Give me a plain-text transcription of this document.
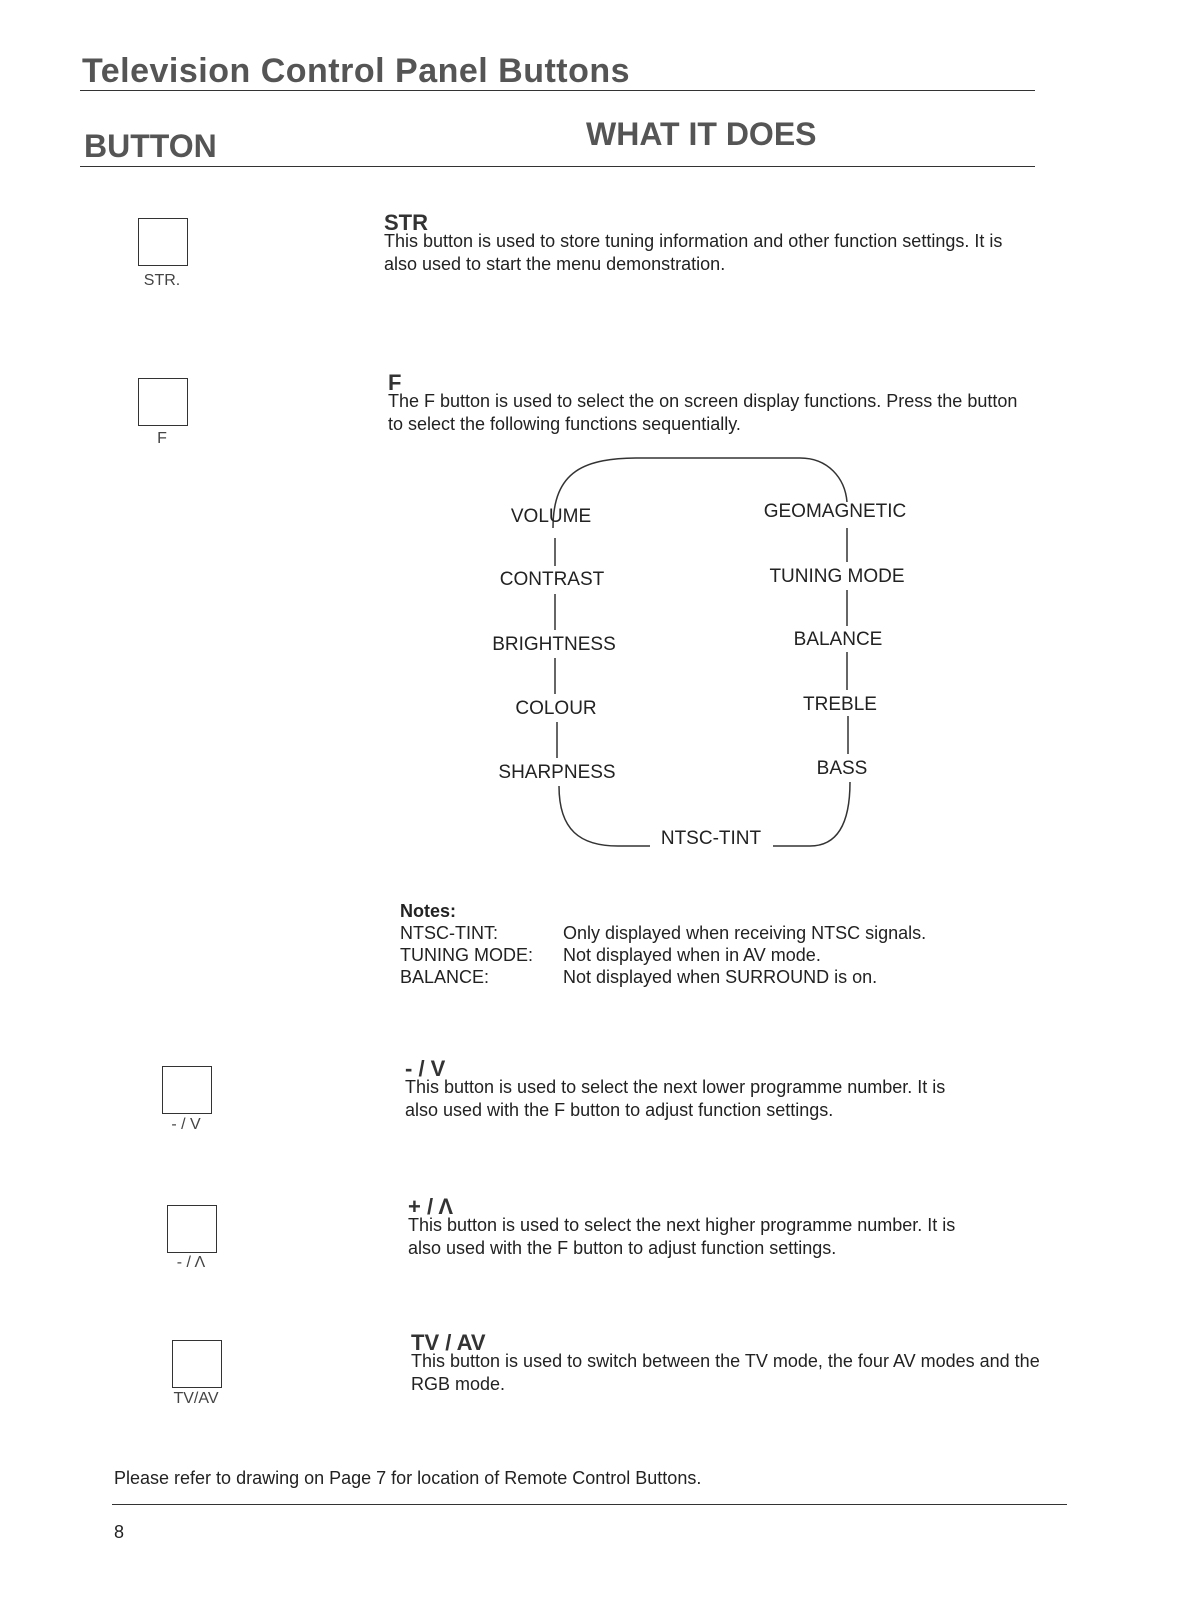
Television Control Panel Buttons
BUTTON	WHAT IT DOES
STR.
STR
This button is used to store tuning information and other function settings. It is also used to start the menu demonstration.
F
F
The F button is used to select the on screen display functions. Press the button to select the following functions sequentially.
VOLUME
CONTRAST
BRIGHTNESS
COLOUR
SHARPNESS
GEOMAGNETIC
TUNING MODE
BALANCE
TREBLE
BASS
NTSC-TINT
Notes:
NTSC-TINT:	Only displayed when receiving NTSC signals.
TUNING MODE:	Not displayed when in AV mode.
BALANCE:	Not displayed when SURROUND is on.
- / V
- / V
This button is used to select the next lower programme number. It is also used with the F button to adjust function settings.
- / Λ
+ / Λ
This button is used to select the next higher programme number. It is also used with the F button to adjust function settings.
TV/AV
TV / AV
This button is used to switch between the TV mode, the four AV modes and the RGB mode.
Please refer to drawing on Page 7 for location of Remote Control Buttons.
8
